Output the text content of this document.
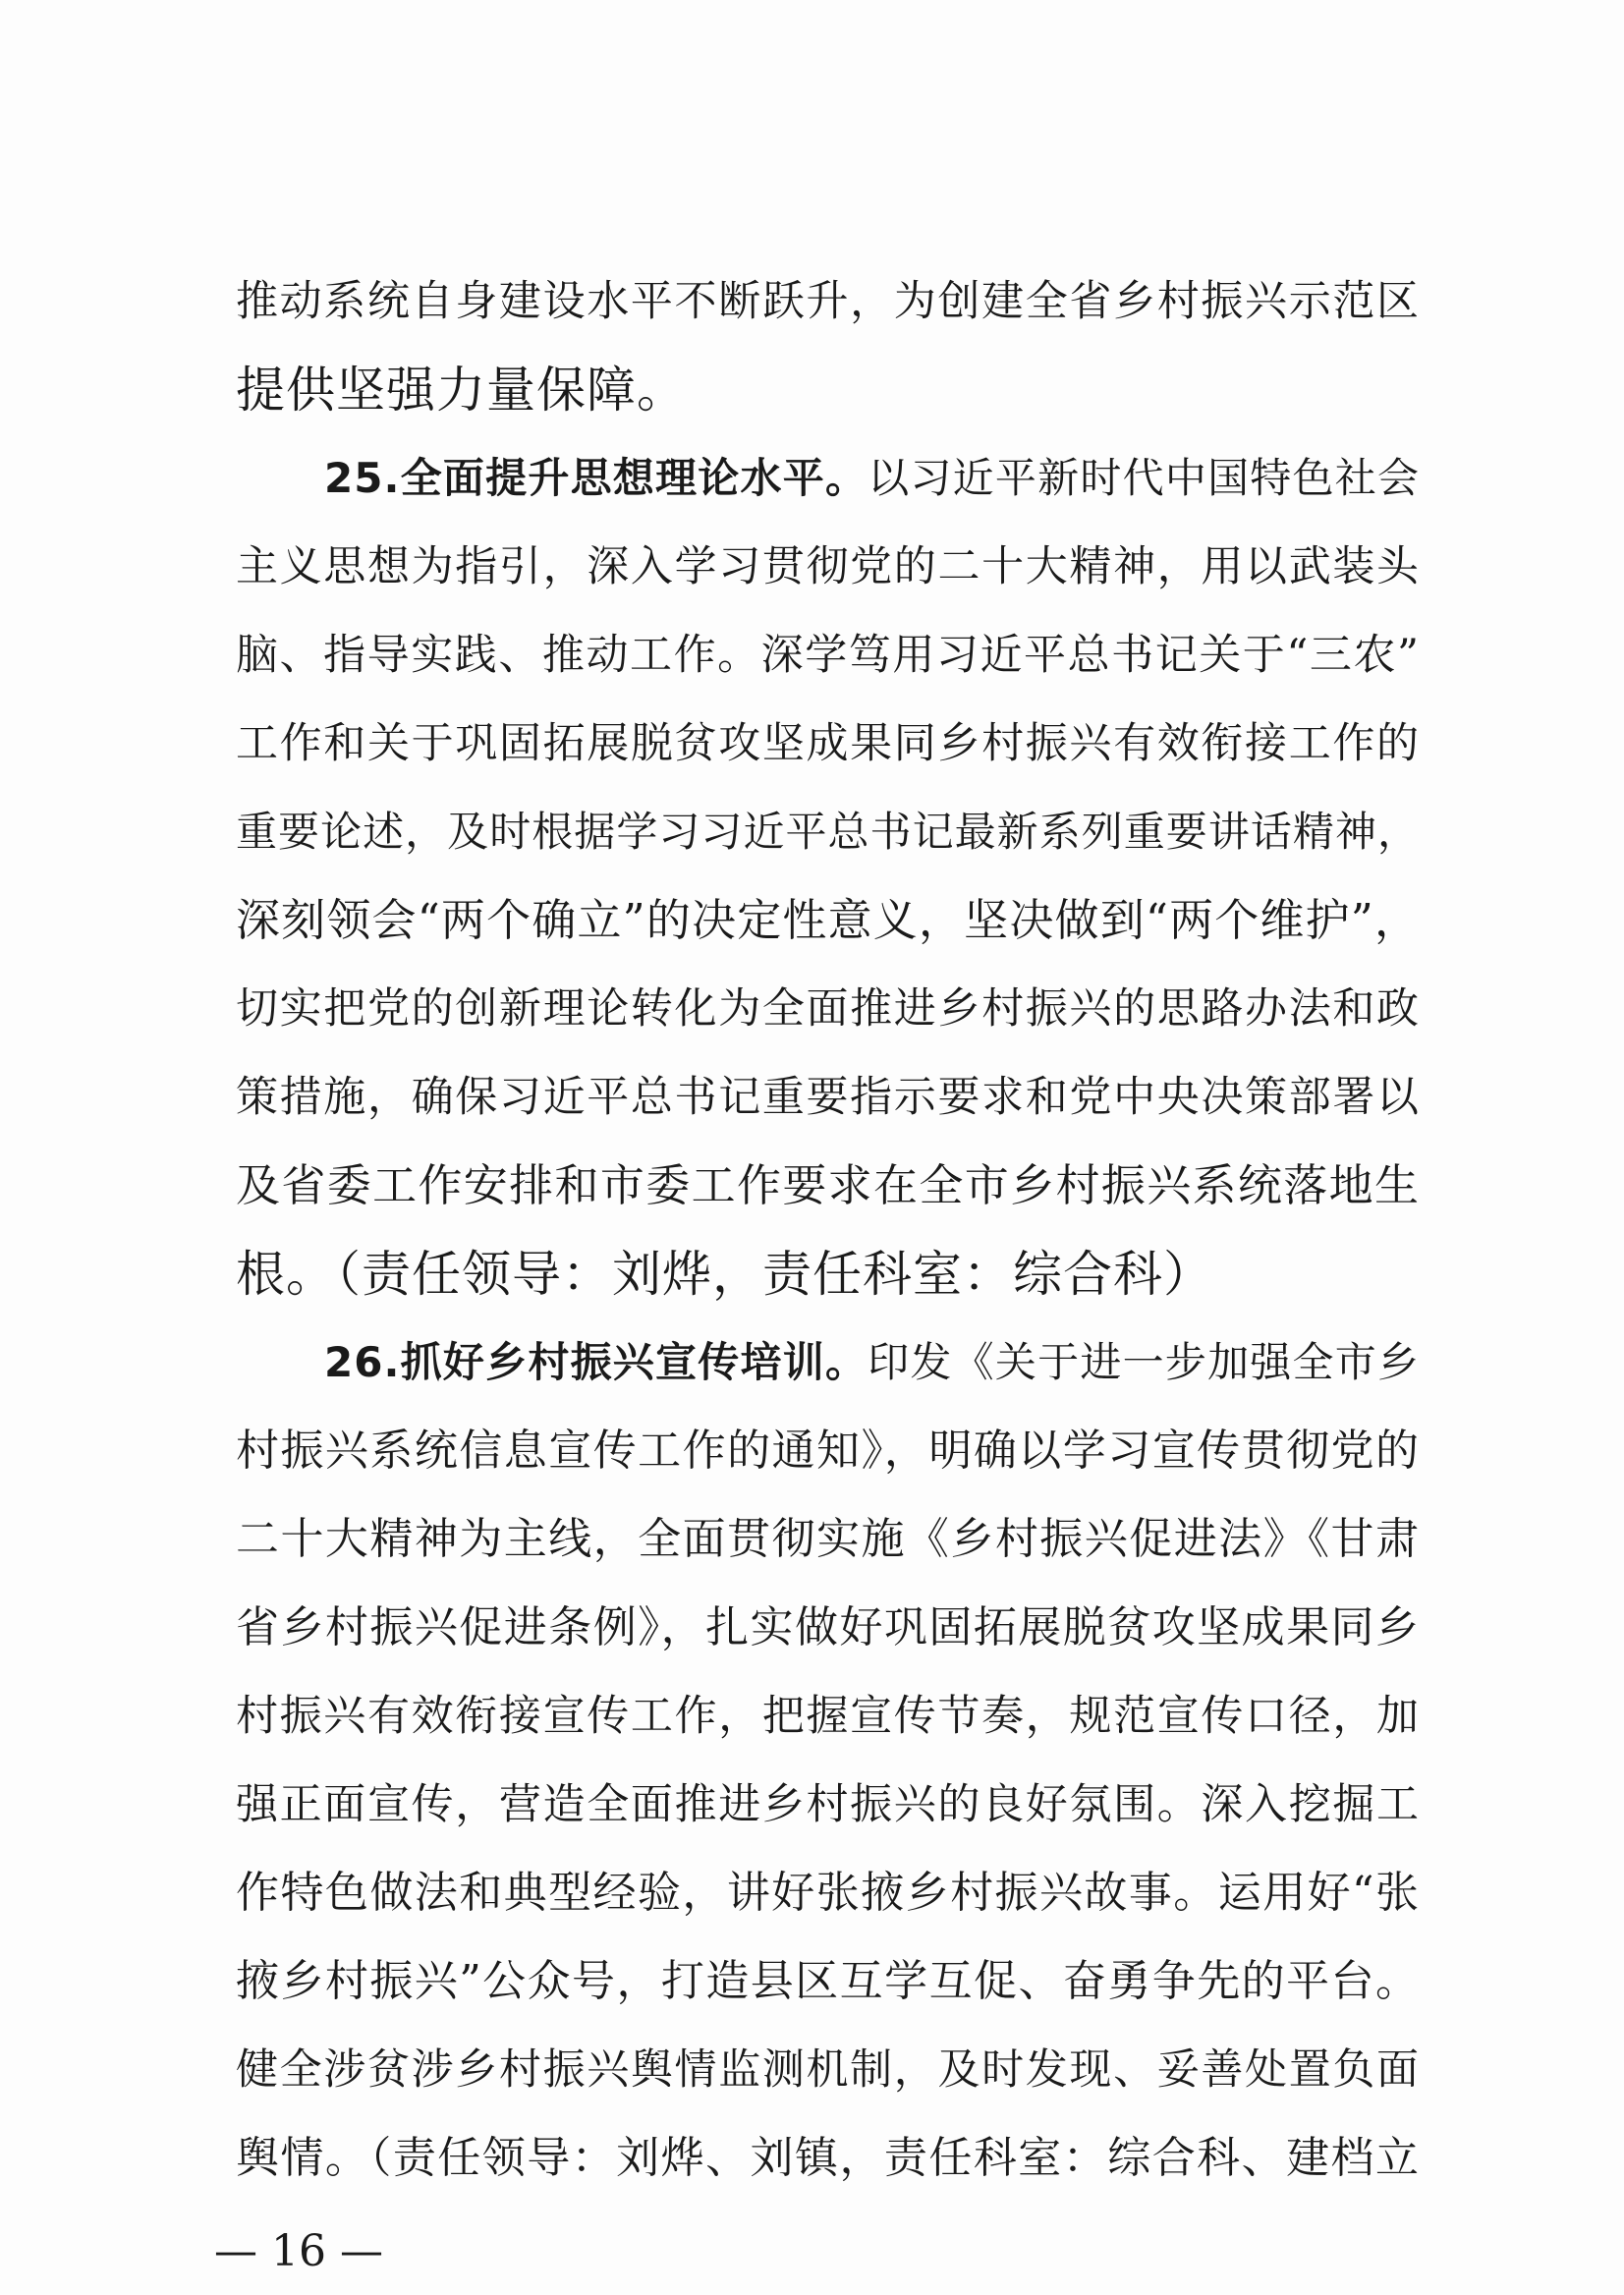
推动系统自身建设水平不断跃升，为创建全省乡村振兴示范区
提供坚强力量保障。
25.全面提升思想理论水平。以习近平新时代中国特色社会
主义思想为指引，深入学习贯彻党的二十大精神，用以武装头
脑、指导实践、推动工作。深学笃用习近平总书记关于“三农”
工作和关于巩固拓展脱贫攻坚成果同乡村振兴有效衔接工作的
重要论述，及时根据学习习近平总书记最新系列重要讲话精神，
深刻领会“两个确立”的决定性意义，坚决做到“两个维护”，
切实把党的创新理论转化为全面推进乡村振兴的思路办法和政
策措施，确保习近平总书记重要指示要求和党中央决策部署以
及省委工作安排和市委工作要求在全市乡村振兴系统落地生
根。（责任领导：刘烨，责任科室：综合科）
26.抓好乡村振兴宣传培训。印发《关于进一步加强全市乡
村振兴系统信息宣传工作的通知》，明确以学习宣传贯彻党的
二十大精神为主线，全面贯彻实施《乡村振兴促进法》《甘肃
省乡村振兴促进条例》，扎实做好巩固拓展脱贫攻坚成果同乡
村振兴有效衔接宣传工作，把握宣传节奏，规范宣传口径，加
强正面宣传，营造全面推进乡村振兴的良好氛围。深入挖掘工
作特色做法和典型经验，讲好张掖乡村振兴故事。运用好“张
掖乡村振兴”公众号，打造县区互学互促、奋勇争先的平台。
健全涉贫涉乡村振兴舆情监测机制，及时发现、妥善处置负面
舆情。（责任领导：刘烨、刘镇，责任科室：综合科、建档立
— 16 —
